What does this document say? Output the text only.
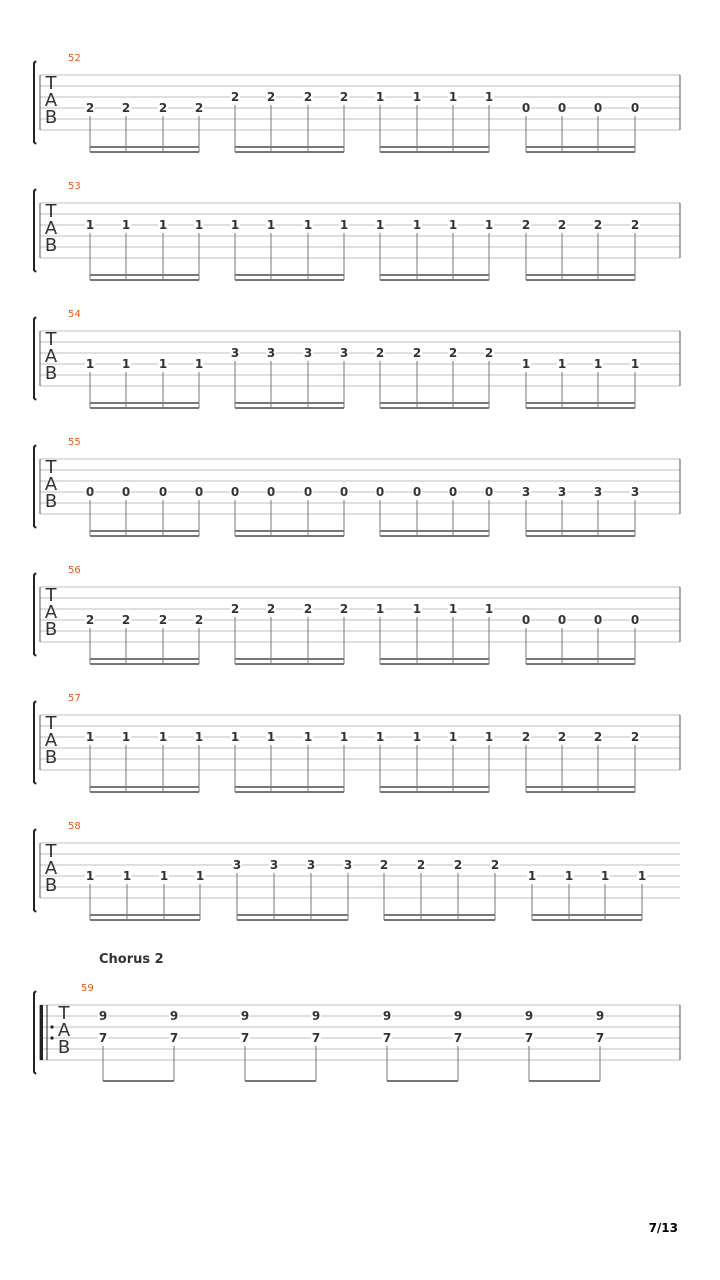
52
T
A
B 2 2 2 2
2 2 2 2 1 1 1 1
0 0 0 0
53
T
A
B
1 1 1 1 1 1 1 1 1 1 1 1 2 2 2 2
54
T
A
B 1 1 1 1
3 3 3 3 2 2 2 2
1 1 1 1
55
T
A
B 0 0 0 0 0 0 0 0 0 0 0 0 3 3 3 3
56
T
A
B 2 2 2 2
2 2 2 2 1 1 1 1
0 0 0 0
57
T
A
B
1 1 1 1 1 1 1 1 1 1 1 1 2 2 2 2
58
T
A
B 1 1 1 1
3 3 3 3 2 2 2 2
1 1 1 1
Chorus 2
59
T
A
B
9
7
9
7
9
7
9
7
9
7
9
7
9
7
9
7
7/13
